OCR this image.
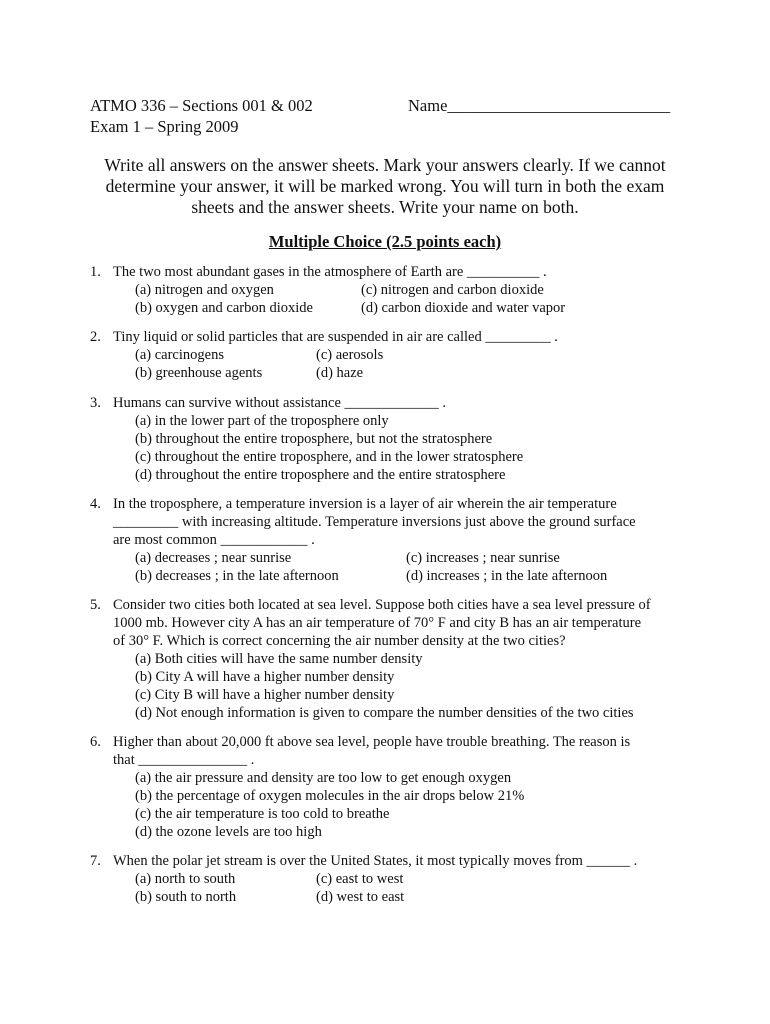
ATMO 336 – Sections 001 & 002	Name___________________________
Exam 1 – Spring 2009
Write all answers on the answer sheets. Mark your answers clearly. If we cannot determine your answer, it will be marked wrong. You will turn in both the exam sheets and the answer sheets. Write your name on both.
Multiple Choice (2.5 points each)
1. The two most abundant gases in the atmosphere of Earth are __________ .
(a) nitrogen and oxygen
(b) oxygen and carbon dioxide
(c) nitrogen and carbon dioxide
(d) carbon dioxide and water vapor
2. Tiny liquid or solid particles that are suspended in air are called _________ .
(a) carcinogens
(b) greenhouse agents
(c) aerosols
(d) haze
3. Humans can survive without assistance _____________ .
(a) in the lower part of the troposphere only
(b) throughout the entire troposphere, but not the stratosphere
(c) throughout the entire troposphere, and in the lower stratosphere
(d) throughout the entire troposphere and the entire stratosphere
4. In the troposphere, a temperature inversion is a layer of air wherein the air temperature
_________ with increasing altitude. Temperature inversions just above the ground surface
are most common ____________ .
(a) decreases ; near sunrise
(b) decreases ; in the late afternoon
(c) increases ; near sunrise
(d) increases ; in the late afternoon
5. Consider two cities both located at sea level. Suppose both cities have a sea level pressure of
1000 mb. However city A has an air temperature of 70° F and city B has an air temperature
of 30° F. Which is correct concerning the air number density at the two cities?
(a) Both cities will have the same number density
(b) City A will have a higher number density
(c) City B will have a higher number density
(d) Not enough information is given to compare the number densities of the two cities
6. Higher than about 20,000 ft above sea level, people have trouble breathing. The reason is
that _______________ .
(a) the air pressure and density are too low to get enough oxygen
(b) the percentage of oxygen molecules in the air drops below 21%
(c) the air temperature is too cold to breathe
(d) the ozone levels are too high
7. When the polar jet stream is over the United States, it most typically moves from ______ .
(a) north to south
(b) south to north
(c) east to west
(d) west to east
